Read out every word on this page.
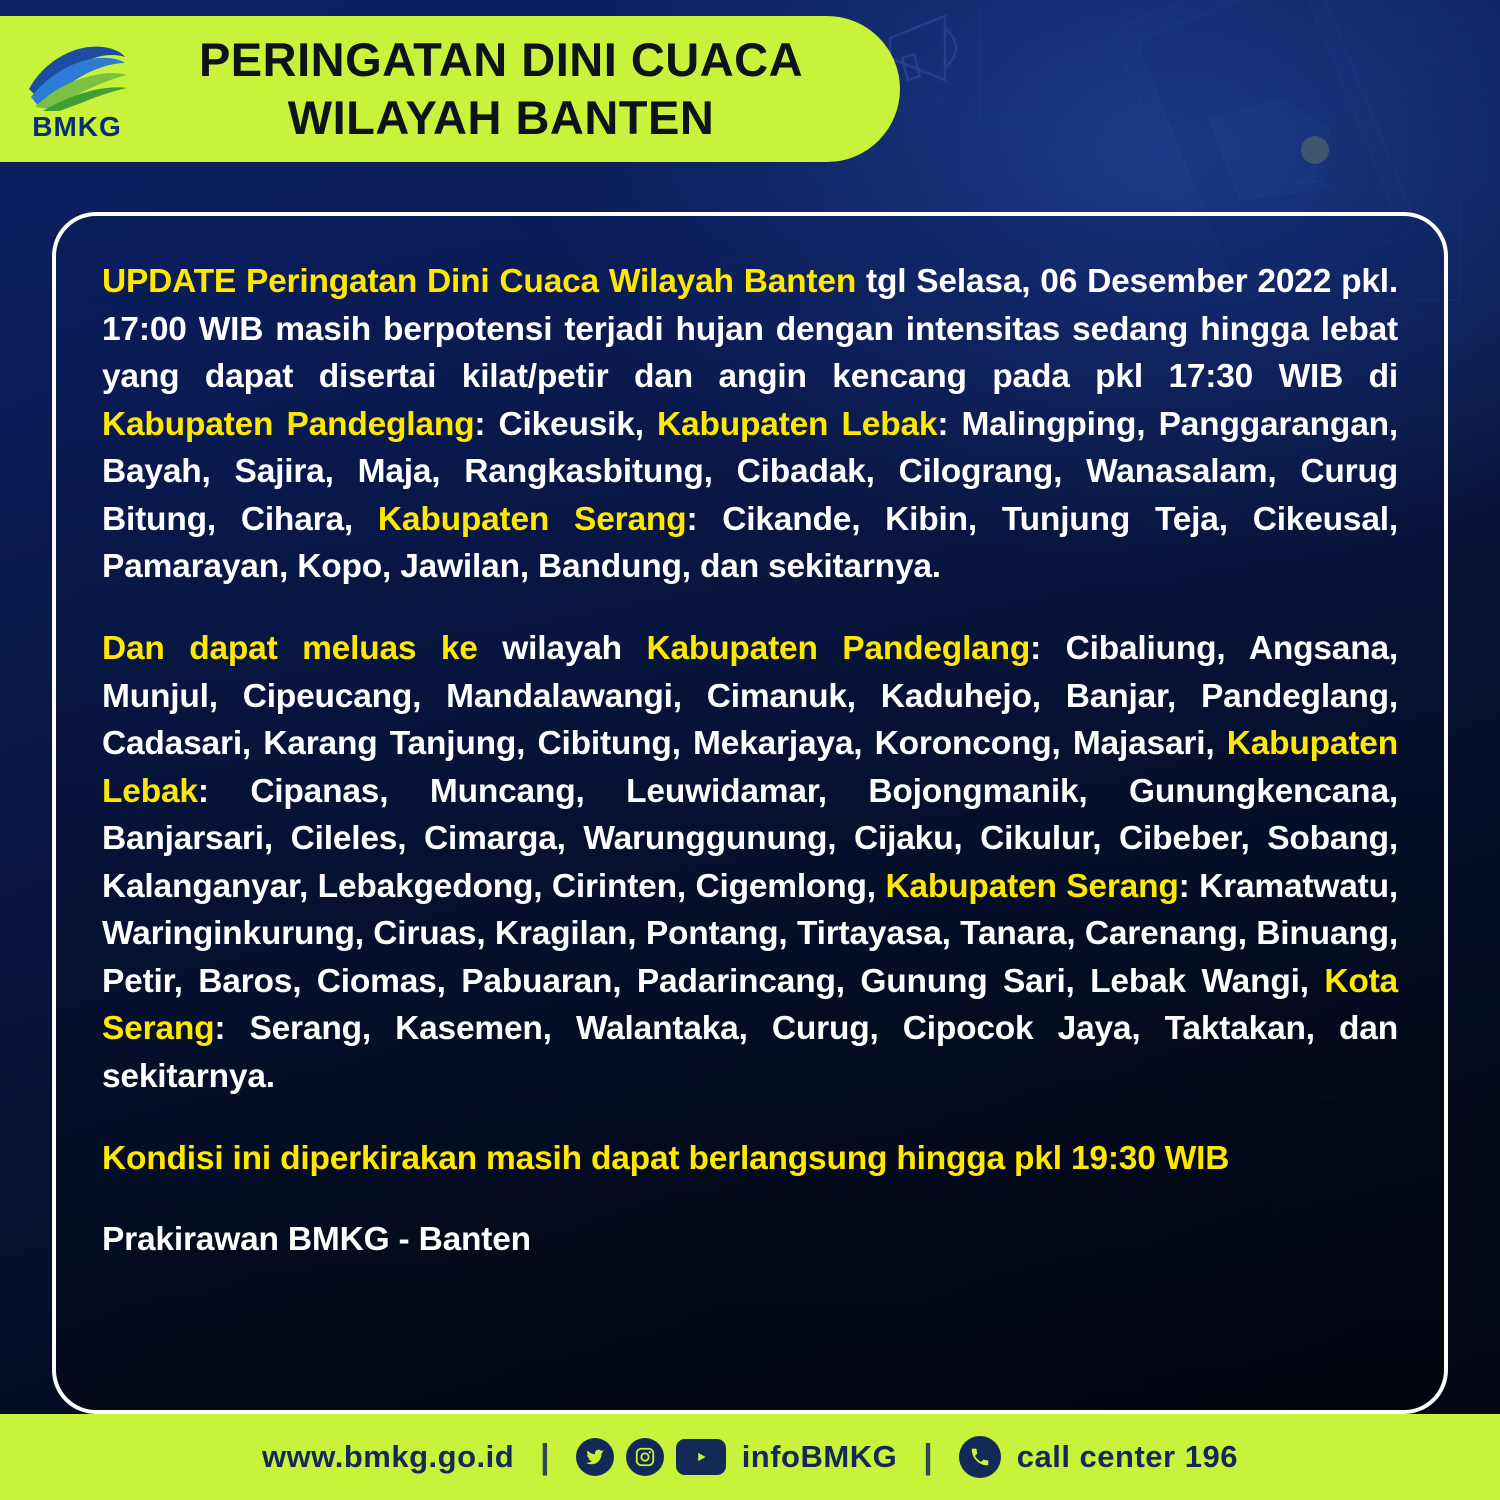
BMKG
PERINGATAN DINI CUACA
WILAYAH BANTEN

UPDATE Peringatan Dini Cuaca Wilayah Banten tgl Selasa, 06 Desember 2022 pkl. 17:00 WIB masih berpotensi terjadi hujan dengan intensitas sedang hingga lebat yang dapat disertai kilat/petir dan angin kencang pada pkl 17:30 WIB di Kabupaten Pandeglang: Cikeusik, Kabupaten Lebak: Malingping, Panggarangan, Bayah, Sajira, Maja, Rangkasbitung, Cibadak, Cilograng, Wanasalam, Curug Bitung, Cihara, Kabupaten Serang: Cikande, Kibin, Tunjung Teja, Cikeusal, Pamarayan, Kopo, Jawilan, Bandung, dan sekitarnya.

Dan dapat meluas ke wilayah Kabupaten Pandeglang: Cibaliung, Angsana, Munjul, Cipeucang, Mandalawangi, Cimanuk, Kaduhejo, Banjar, Pandeglang, Cadasari, Karang Tanjung, Cibitung, Mekarjaya, Koroncong, Majasari, Kabupaten Lebak: Cipanas, Muncang, Leuwidamar, Bojongmanik, Gunungkencana, Banjarsari, Cileles, Cimarga, Warunggunung, Cijaku, Cikulur, Cibeber, Sobang, Kalanganyar, Lebakgedong, Cirinten, Cigemlong, Kabupaten Serang: Kramatwatu, Waringinkurung, Ciruas, Kragilan, Pontang, Tirtayasa, Tanara, Carenang, Binuang, Petir, Baros, Ciomas, Pabuaran, Padarincang, Gunung Sari, Lebak Wangi, Kota Serang: Serang, Kasemen, Walantaka, Curug, Cipocok Jaya, Taktakan, dan sekitarnya.

Kondisi ini diperkirakan masih dapat berlangsung hingga pkl 19:30 WIB

Prakirawan BMKG - Banten

www.bmkg.go.id |	infoBMKG |	call center 196
